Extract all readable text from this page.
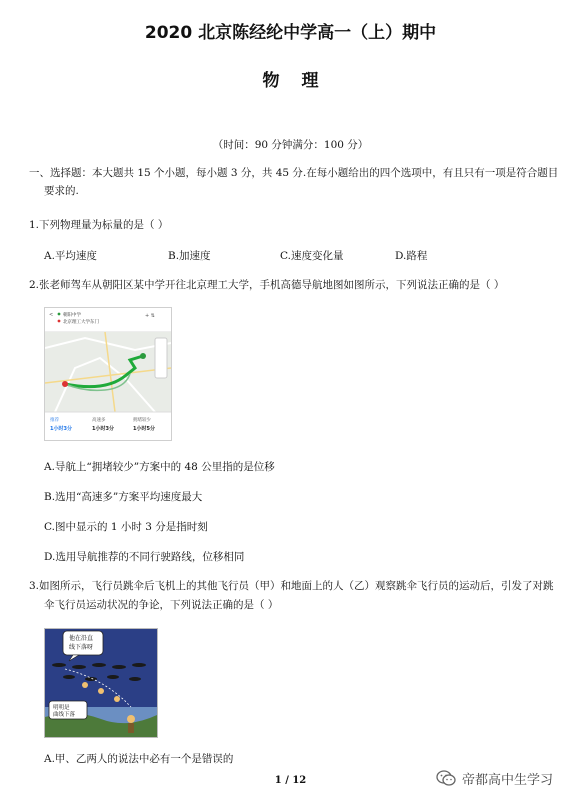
2020 北京陈经纶中学高一（上）期中
物理
（时间：90 分钟满分：100 分）
一、选择题：本大题共 15 个小题，每小题 3 分，共 45 分.在每小题给出的四个选项中，有且只有一项是符合题目
要求的.
1.下列物理量为标量的是（ ）
A.平均速度	B.加速度	C.速度变化量	D.路程
2.张老师驾车从朝阳区某中学开往北京理工大学，手机高德导航地图如图所示，下列说法正确的是（ ）
< 朝阳中学
北京理工大学东门
+ ⇅
推荐
1小时3分
高速多
1小时3分
拥堵较少
1小时5分
A.导航上“拥堵较少”方案中的 48 公里指的是位移
B.选用“高速多”方案平均速度最大
C.图中显示的 1 小时 3 分是指时刻
D.选用导航推荐的不同行驶路线，位移相同
3.如图所示，飞行员跳伞后飞机上的其他飞行员（甲）和地面上的人（乙）观察跳伞飞行员的运动后，引发了对跳
伞飞行员运动状况的争论，下列说法正确的是（ ）
他在沿直
线下落呀
明明是
曲线下落
A.甲、乙两人的说法中必有一个是错误的
1 / 12	帝都高中生学习
